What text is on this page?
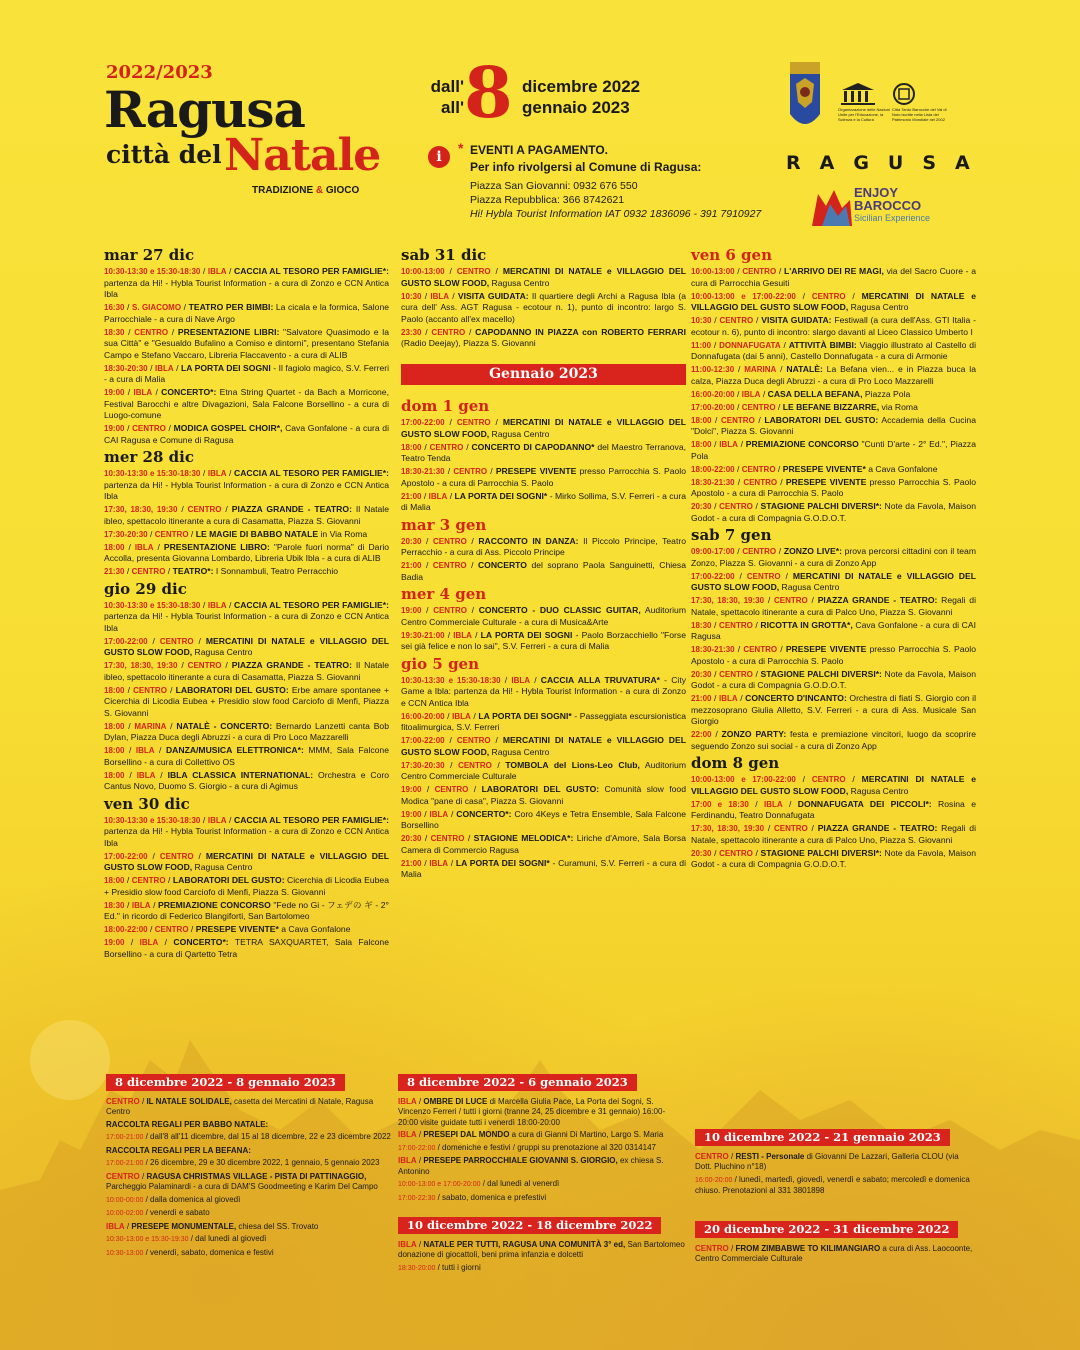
2022/2023
Ragusa
città del Natale
TRADIZIONE & GIOCO
dall'
all' 8 dicembre 2022
gennaio 2023
i
* EVENTI A PAGAMENTO.
Per info rivolgersi al Comune di Ragusa:
Piazza San Giovanni: 0932 676 550
Piazza Repubblica: 366 8742621
Hi! Hybla Tourist Information IAT 0932 1836096 - 391 7910927
Organizzazione delle Nazioni Unite per l'Educazione, la Scienza e la Cultura
Città Tardo Barocche del Val di Noto iscritte nella Lista del Patrimonio Mondiale nel 2002
RAGUSA
ENJOY
BAROCCO
Sicilian Experience
mar 27 dic
10:30-13:30 e 15:30-18:30 / IBLA / CACCIA AL TESORO PER FAMIGLIE*: partenza da Hi! - Hybla Tourist Information - a cura di Zonzo e CCN Antica Ibla
16:30 / S. GIACOMO / TEATRO PER BIMBI: La cicala e la formica, Salone Parrocchiale - a cura di Nave Argo
18:30 / CENTRO / PRESENTAZIONE LIBRI: "Salvatore Quasimodo e la sua Città" e "Gesualdo Bufalino a Comiso e dintorni", presentano Stefania Campo e Stefano Vaccaro, Libreria Flaccavento - a cura di ALIB
18:30-20:30 / IBLA / LA PORTA DEI SOGNI - Il fagiolo magico, S.V. Ferreri - a cura di Malia
19:00 / IBLA / CONCERTO*: Etna String Quartet - da Bach a Morricone, Festival Barocchi e altre Divagazioni, Sala Falcone Borsellino - a cura di Luogo-comune
19:00 / CENTRO / MODICA GOSPEL CHOIR*, Cava Gonfalone - a cura di CAI Ragusa e Comune di Ragusa
mer 28 dic
10:30-13:30 e 15:30-18:30 / IBLA / CACCIA AL TESORO PER FAMIGLIE*: partenza da Hi! - Hybla Tourist Information - a cura di Zonzo e CCN Antica Ibla
17:30, 18:30, 19:30 / CENTRO / PIAZZA GRANDE - TEATRO: Il Natale ibleo, spettacolo itinerante a cura di Casamatta, Piazza S. Giovanni
17:30-20:30 / CENTRO / LE MAGIE DI BABBO NATALE in Via Roma
18:00 / IBLA / PRESENTAZIONE LIBRO: "Parole fuori norma" di Dario Accolla, presenta Giovanna Lombardo, Libreria Ubik Ibla - a cura di ALIB
21:30 / CENTRO / TEATRO*: I Sonnambuli, Teatro Perracchio
gio 29 dic
10:30-13:30 e 15:30-18:30 / IBLA / CACCIA AL TESORO PER FAMIGLIE*: partenza da Hi! - Hybla Tourist Information - a cura di Zonzo e CCN Antica Ibla
17:00-22:00 / CENTRO / MERCATINI DI NATALE e VILLAGGIO DEL GUSTO SLOW FOOD, Ragusa Centro
17:30, 18:30, 19:30 / CENTRO / PIAZZA GRANDE - TEATRO: Il Natale ibleo, spettacolo itinerante a cura di Casamatta, Piazza S. Giovanni
18:00 / CENTRO / LABORATORI DEL GUSTO: Erbe amare spontanee + Cicerchia di Licodia Eubea + Presidio slow food Carciofo di Menfi, Piazza S. Giovanni
18:00 / MARINA / NATALÈ - CONCERTO: Bernardo Lanzetti canta Bob Dylan, Piazza Duca degli Abruzzi - a cura di Pro Loco Mazzarelli
18:00 / IBLA / DANZA/MUSICA ELETTRONICA*: MMM, Sala Falcone Borsellino - a cura di Collettivo OS
18:00 / IBLA / IBLA CLASSICA INTERNATIONAL: Orchestra e Coro Cantus Novo, Duomo S. Giorgio - a cura di Agimus
ven 30 dic
10:30-13:30 e 15:30-18:30 / IBLA / CACCIA AL TESORO PER FAMIGLIE*: partenza da Hi! - Hybla Tourist Information - a cura di Zonzo e CCN Antica Ibla
17:00-22:00 / CENTRO / MERCATINI DI NATALE e VILLAGGIO DEL GUSTO SLOW FOOD, Ragusa Centro
18:00 / CENTRO / LABORATORI DEL GUSTO: Cicerchia di Licodia Eubea + Presidio slow food Carciofo di Menfi, Piazza S. Giovanni
18:30 / IBLA / PREMIAZIONE CONCORSO "Fede no Gi - フェデの ギ - 2° Ed." in ricordo di Federico Blangiforti, San Bartolomeo
18:00-22:00 / CENTRO / PRESEPE VIVENTE* a Cava Gonfalone
19:00 / IBLA / CONCERTO*: TETRA SAXQUARTET, Sala Falcone Borsellino - a cura di Qartetto Tetra
sab 31 dic
10:00-13:00 / CENTRO / MERCATINI DI NATALE e VILLAGGIO DEL GUSTO SLOW FOOD, Ragusa Centro
10:30 / IBLA / VISITA GUIDATA: Il quartiere degli Archi a Ragusa Ibla (a cura dell' Ass. AGT Ragusa - ecotour n. 1), punto di incontro: largo S. Paolo (accanto all'ex macello)
23:30 / CENTRO / CAPODANNO IN PIAZZA con ROBERTO FERRARI (Radio Deejay), Piazza S. Giovanni
Gennaio 2023
dom 1 gen
17:00-22:00 / CENTRO / MERCATINI DI NATALE e VILLAGGIO DEL GUSTO SLOW FOOD, Ragusa Centro
18:00 / CENTRO / CONCERTO DI CAPODANNO* del Maestro Terranova, Teatro Tenda
18:30-21:30 / CENTRO / PRESEPE VIVENTE presso Parrocchia S. Paolo Apostolo - a cura di Parrocchia S. Paolo
21:00 / IBLA / LA PORTA DEI SOGNI* - Mirko Sollima, S.V. Ferreri - a cura di Malia
mar 3 gen
20:30 / CENTRO / RACCONTO IN DANZA: Il Piccolo Principe, Teatro Perracchio - a cura di Ass. Piccolo Principe
21:00 / CENTRO / CONCERTO del soprano Paola Sanguinetti, Chiesa Badia
mer 4 gen
19:00 / CENTRO / CONCERTO - DUO CLASSIC GUITAR, Auditorium Centro Commerciale Culturale - a cura di Musica&Arte
19:30-21:00 / IBLA / LA PORTA DEI SOGNI - Paolo Borzacchiello "Forse sei già felice e non lo sai", S.V. Ferreri - a cura di Malia
gio 5 gen
10:30-13:30 e 15:30-18:30 / IBLA / CACCIA ALLA TRUVATURA* - City Game a Ibla: partenza da Hi! - Hybla Tourist Information - a cura di Zonzo e CCN Antica Ibla
16:00-20:00 / IBLA / LA PORTA DEI SOGNI* - Passeggiata escursionistica fitoalimurgica, S.V. Ferreri
17:00-22:00 / CENTRO / MERCATINI DI NATALE e VILLAGGIO DEL GUSTO SLOW FOOD, Ragusa Centro
17:30-20:30 / CENTRO / TOMBOLA del Lions-Leo Club, Auditorium Centro Commerciale Culturale
19:00 / CENTRO / LABORATORI DEL GUSTO: Comunità slow food Modica "pane di casa", Piazza S. Giovanni
19:00 / IBLA / CONCERTO*: Coro 4Keys e Tetra Ensemble, Sala Falcone Borsellino
20:30 / CENTRO / STAGIONE MELODICA*: Liriche d'Amore, Sala Borsa Camera di Commercio Ragusa
21:00 / IBLA / LA PORTA DEI SOGNI* - Curamuni, S.V. Ferreri - a cura di Malia
ven 6 gen
10:00-13:00 / CENTRO / L'ARRIVO DEI RE MAGI, via del Sacro Cuore - a cura di Parrocchia Gesuiti
10:00-13:00 e 17:00-22:00 / CENTRO / MERCATINI DI NATALE e VILLAGGIO DEL GUSTO SLOW FOOD, Ragusa Centro
10:30 / CENTRO / VISITA GUIDATA: Festiwall (a cura dell'Ass. GTI Italia - ecotour n. 6), punto di incontro: slargo davanti al Liceo Classico Umberto I
11:00 / DONNAFUGATA / ATTIVITÀ BIMBI: Viaggio illustrato al Castello di Donnafugata (dai 5 anni), Castello Donnafugata - a cura di Armonie
11:00-12:30 / MARINA / NATALÈ: La Befana vien... e in Piazza buca la calza, Piazza Duca degli Abruzzi - a cura di Pro Loco Mazzarelli
16:00-20:00 / IBLA / CASA DELLA BEFANA, Piazza Pola
17:00-20:00 / CENTRO / LE BEFANE BIZZARRE, via Roma
18:00 / CENTRO / LABORATORI DEL GUSTO: Accademia della Cucina "Dolci", Piazza S. Giovanni
18:00 / IBLA / PREMIAZIONE CONCORSO "Cunti D'arte - 2° Ed.", Piazza Pola
18:00-22:00 / CENTRO / PRESEPE VIVENTE* a Cava Gonfalone
18:30-21:30 / CENTRO / PRESEPE VIVENTE presso Parrocchia S. Paolo Apostolo - a cura di Parrocchia S. Paolo
20:30 / CENTRO / STAGIONE PALCHI DIVERSI*: Note da Favola, Maison Godot - a cura di Compagnia G.O.D.O.T.
sab 7 gen
09:00-17:00 / CENTRO / ZONZO LIVE*: prova percorsi cittadini con il team Zonzo, Piazza S. Giovanni - a cura di Zonzo App
17:00-22:00 / CENTRO / MERCATINI DI NATALE e VILLAGGIO DEL GUSTO SLOW FOOD, Ragusa Centro
17:30, 18:30, 19:30 / CENTRO / PIAZZA GRANDE - TEATRO: Regali di Natale, spettacolo itinerante a cura di Palco Uno, Piazza S. Giovanni
18:30 / CENTRO / RICOTTA IN GROTTA*, Cava Gonfalone - a cura di CAI Ragusa
18:30-21:30 / CENTRO / PRESEPE VIVENTE presso Parrocchia S. Paolo Apostolo - a cura di Parrocchia S. Paolo
20:30 / CENTRO / STAGIONE PALCHI DIVERSI*: Note da Favola, Maison Godot - a cura di Compagnia G.O.D.O.T.
21:00 / IBLA / CONCERTO D'INCANTO: Orchestra di fiati S. Giorgio con il mezzosoprano Giulia Alletto, S.V. Ferreri - a cura di Ass. Musicale San Giorgio
22:00 / ZONZO PARTY: festa e premiazione vincitori, luogo da scoprire seguendo Zonzo sui social - a cura di Zonzo App
dom 8 gen
10:00-13:00 e 17:00-22:00 / CENTRO / MERCATINI DI NATALE e VILLAGGIO DEL GUSTO SLOW FOOD, Ragusa Centro
17:00 e 18:30 / IBLA / DONNAFUGATA DEI PICCOLI*: Rosina e Ferdinandu, Teatro Donnafugata
17:30, 18:30, 19:30 / CENTRO / PIAZZA GRANDE - TEATRO: Regali di Natale, spettacolo itinerante a cura di Palco Uno, Piazza S. Giovanni
20:30 / CENTRO / STAGIONE PALCHI DIVERSI*: Note da Favola, Maison Godot - a cura di Compagnia G.O.D.O.T.
8 dicembre 2022 - 8 gennaio 2023
CENTRO / IL NATALE SOLIDALE, casetta dei Mercatini di Natale, Ragusa Centro
RACCOLTA REGALI PER BABBO NATALE:
17:00-21:00 / dall'8 all'11 dicembre, dal 15 al 18 dicembre, 22 e 23 dicembre 2022
RACCOLTA REGALI PER LA BEFANA:
17:00-21:00 / 26 dicembre, 29 e 30 dicembre 2022, 1 gennaio, 5 gennaio 2023
CENTRO / RAGUSA CHRISTMAS VILLAGE - PISTA DI PATTINAGGIO, Parcheggio Palaminardi - a cura di DAM'S Goodmeeting e Karim Del Campo
10:00-00:00 / dalla domenica al giovedì
10:00-02:00 / venerdì e sabato
IBLA / PRESEPE MONUMENTALE, chiesa del SS. Trovato
10:30-13:00 e 15:30-19:30 / dal lunedì al giovedì
10:30-13:00 / venerdì, sabato, domenica e festivi
8 dicembre 2022 - 6 gennaio 2023
IBLA / OMBRE DI LUCE di Marcella Giulia Pace, La Porta dei Sogni, S. Vincenzo Ferreri / tutti i giorni (tranne 24, 25 dicembre e 31 gennaio) 16:00-20:00 visite guidate tutti i venerdì 18:00-20:00
IBLA / PRESEPI DAL MONDO a cura di Gianni Di Martino, Largo S. Maria
17:00-22:00 / domeniche e festivi / gruppi su prenotazione al 320 0314147
IBLA / PRESEPE PARROCCHIALE GIOVANNI S. GIORGIO, ex chiesa S. Antonino
10:00-13:00 e 17:00-20:00 / dal lunedì al venerdì
17:00-22:30 / sabato, domenica e prefestivi
10 dicembre 2022 - 18 dicembre 2022
IBLA / NATALE PER TUTTI, RAGUSA UNA COMUNITÀ 3° ed, San Bartolomeo donazione di giocattoli, beni prima infanzia e dolcetti
18:30-20:00 / tutti i giorni
10 dicembre 2022 - 21 gennaio 2023
CENTRO / RESTI - Personale di Giovanni De Lazzari, Galleria CLOU (via Dott. Pluchino n°18)
16:00-20:00 / lunedì, martedì, giovedì, venerdì e sabato; mercoledì e domenica chiuso. Prenotazioni al 331 3801898
20 dicembre 2022 - 31 dicembre 2022
CENTRO / FROM ZIMBABWE TO KILIMANGIARO a cura di Ass. Laocoonte, Centro Commerciale Culturale
